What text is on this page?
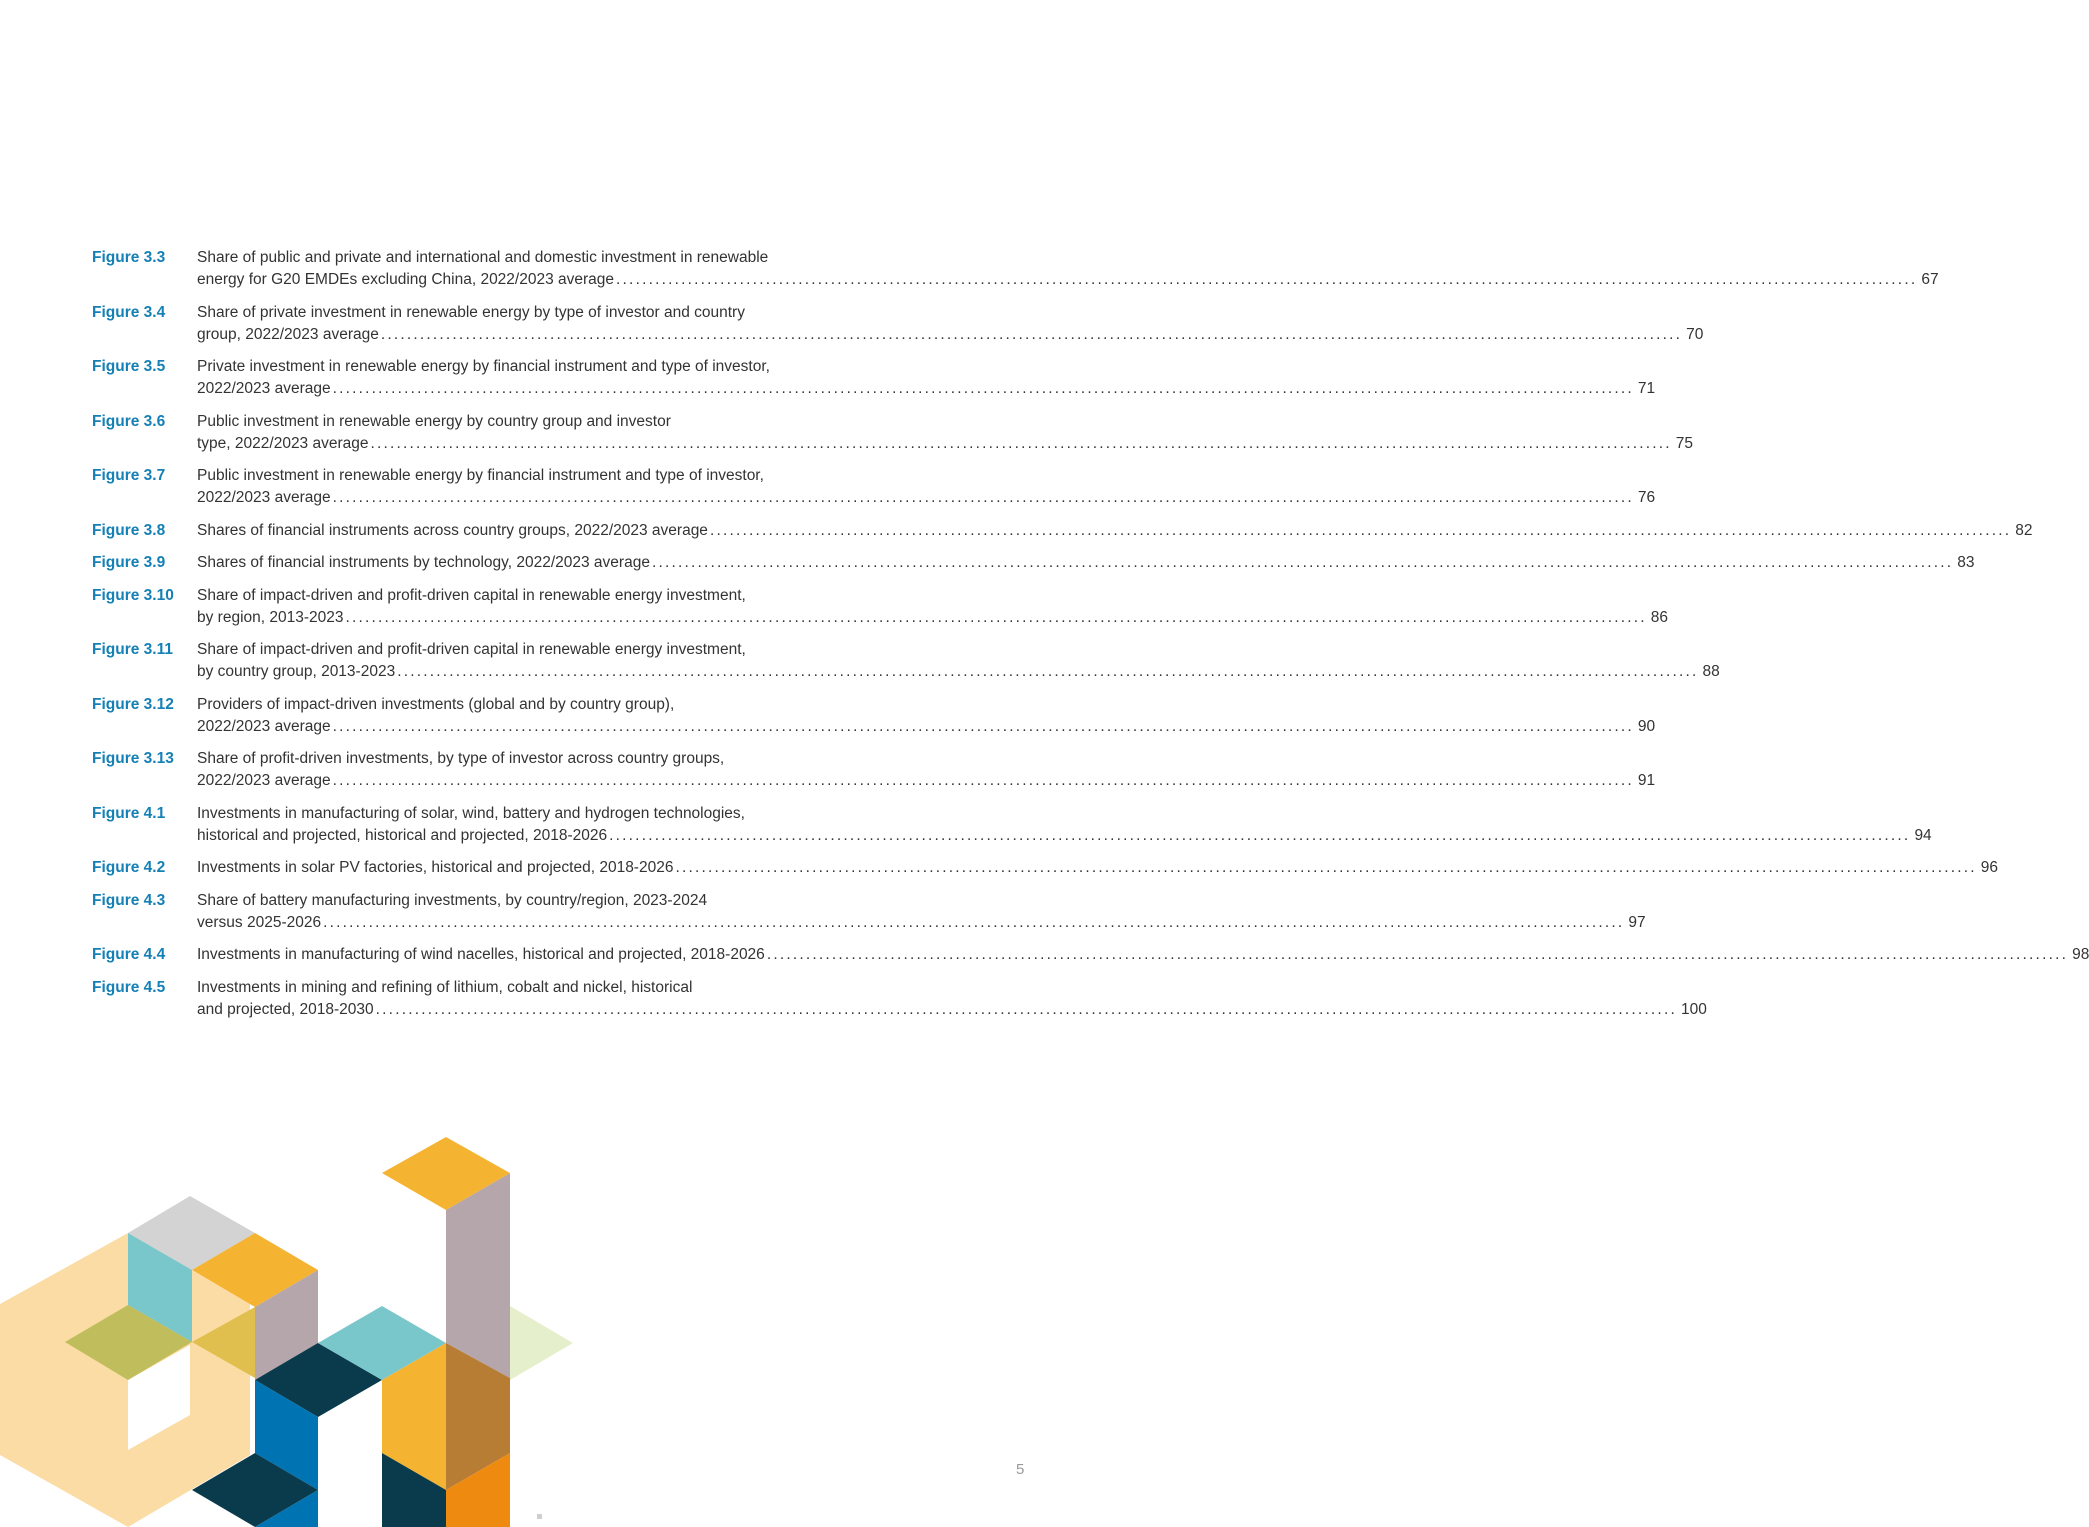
Figure 3.3	Share of public and private and international and domestic investment in renewable
energy for G20 EMDEs excluding China, 2022/2023 average ........................................................................................................................................................................................................ 67
Figure 3.4	Share of private investment in renewable energy by type of investor and country
group, 2022/2023 average ........................................................................................................................................................................................................ 70
Figure 3.5	Private investment in renewable energy by financial instrument and type of investor,
2022/2023 average ........................................................................................................................................................................................................ 71
Figure 3.6	Public investment in renewable energy by country group and investor
type, 2022/2023 average ........................................................................................................................................................................................................ 75
Figure 3.7	Public investment in renewable energy by financial instrument and type of investor,
2022/2023 average ........................................................................................................................................................................................................ 76
Figure 3.8	Shares of financial instruments across country groups, 2022/2023 average ........................................................................................................................................................................................................ 82
Figure 3.9	Shares of financial instruments by technology, 2022/2023 average ........................................................................................................................................................................................................ 83
Figure 3.10	Share of impact-driven and profit-driven capital in renewable energy investment,
by region, 2013-2023 ........................................................................................................................................................................................................ 86
Figure 3.11	Share of impact-driven and profit-driven capital in renewable energy investment,
by country group, 2013-2023 ........................................................................................................................................................................................................ 88
Figure 3.12	Providers of impact-driven investments (global and by country group),
2022/2023 average ........................................................................................................................................................................................................ 90
Figure 3.13	Share of profit-driven investments, by type of investor across country groups,
2022/2023 average ........................................................................................................................................................................................................ 91
Figure 4.1	Investments in manufacturing of solar, wind, battery and hydrogen technologies,
historical and projected, historical and projected, 2018-2026 ........................................................................................................................................................................................................ 94
Figure 4.2	Investments in solar PV factories, historical and projected, 2018-2026 ........................................................................................................................................................................................................ 96
Figure 4.3	Share of battery manufacturing investments, by country/region, 2023-2024
versus 2025-2026 ........................................................................................................................................................................................................ 97
Figure 4.4	Investments in manufacturing of wind nacelles, historical and projected, 2018-2026 ........................................................................................................................................................................................................ 98
Figure 4.5	Investments in mining and refining of lithium, cobalt and nickel, historical
and projected, 2018-2030 ........................................................................................................................................................................................................ 100
5
